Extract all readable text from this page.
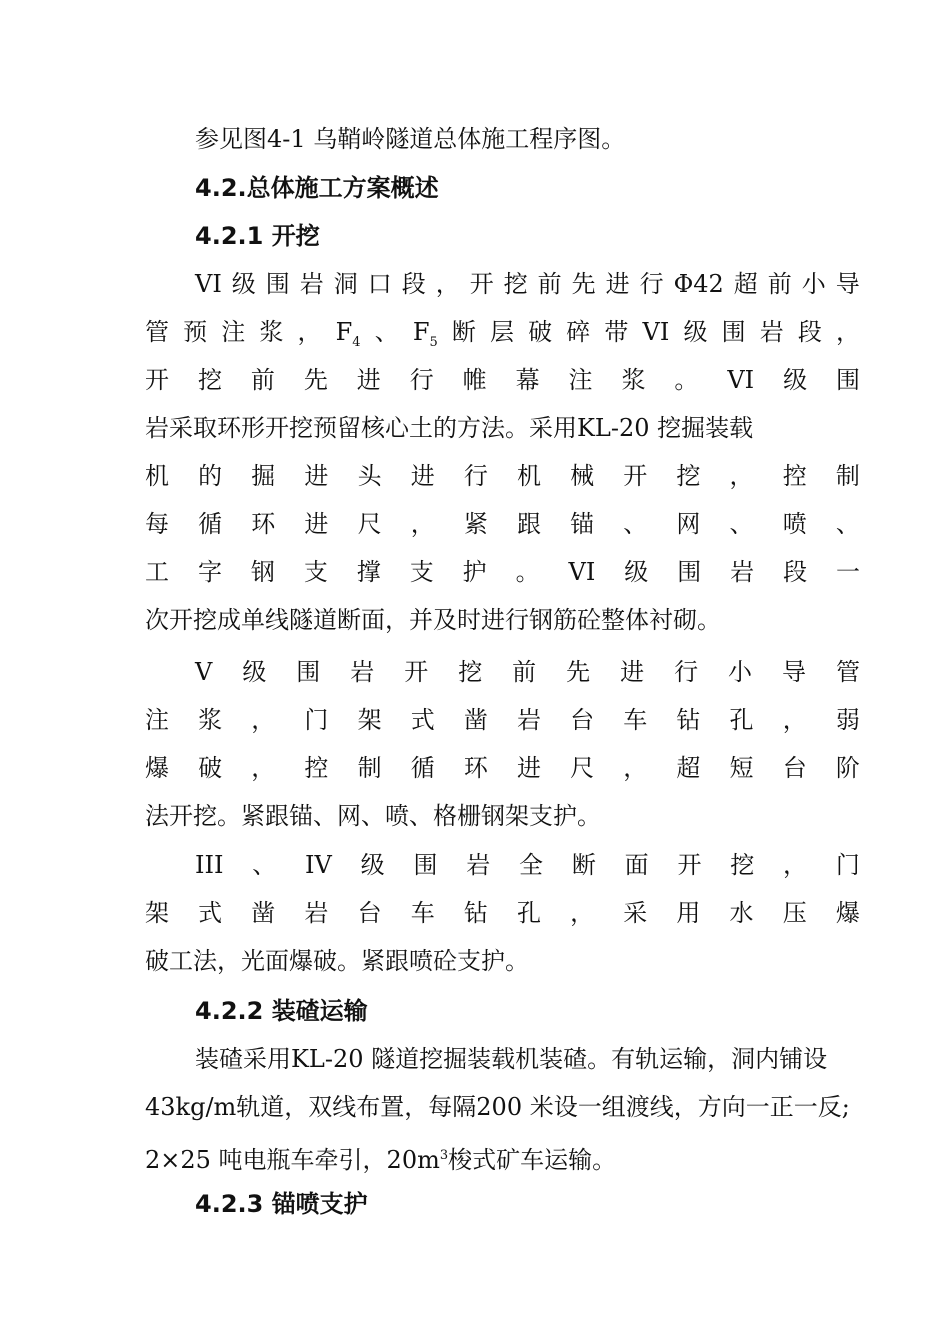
参见图4-1 乌鞘岭隧道总体施工程序图。
4.2.总体施工方案概述
4.2.1 开挖
VI 级 围 岩 洞 口 段 ， 开 挖 前 先 进 行 Φ42 超 前 小 导
管 预 注 浆 ， $F_4$ 、 $F_5$ 断 层 破 碎 带 VI 级 围 岩 段 ，
开 挖 前 先 进 行 帷 幕 注 浆 。 VI 级 围
岩采取环形开挖预留核心土的方法。采用KL-20 挖掘装载
机 的 掘 进 头 进 行 机 械 开 挖 ， 控 制
每 循 环 进 尺 ， 紧 跟 锚 、 网 、 喷 、
工 字 钢 支 撑 支 护 。 VI 级 围 岩 段 一
次开挖成单线隧道断面，并及时进行钢筋砼整体衬砌。
V 级 围 岩 开 挖 前 先 进 行 小 导 管
注 浆 ， 门 架 式 凿 岩 台 车 钻 孔 ， 弱
爆 破 ， 控 制 循 环 进 尺 ， 超 短 台 阶
法开挖。紧跟锚、网、喷、格栅钢架支护。
III 、 IV 级 围 岩 全 断 面 开 挖 ， 门
架 式 凿 岩 台 车 钻 孔 ， 采 用 水 压 爆
破工法，光面爆破。紧跟喷砼支护。
4.2.2 装碴运输
装碴采用KL-20 隧道挖掘装载机装碴。有轨运输，洞内铺设
43kg/m轨道，双线布置，每隔200 米设一组渡线，方向一正一反;
2×25 吨电瓶车牵引，$20m^3$梭式矿车运输。
4.2.3 锚喷支护
